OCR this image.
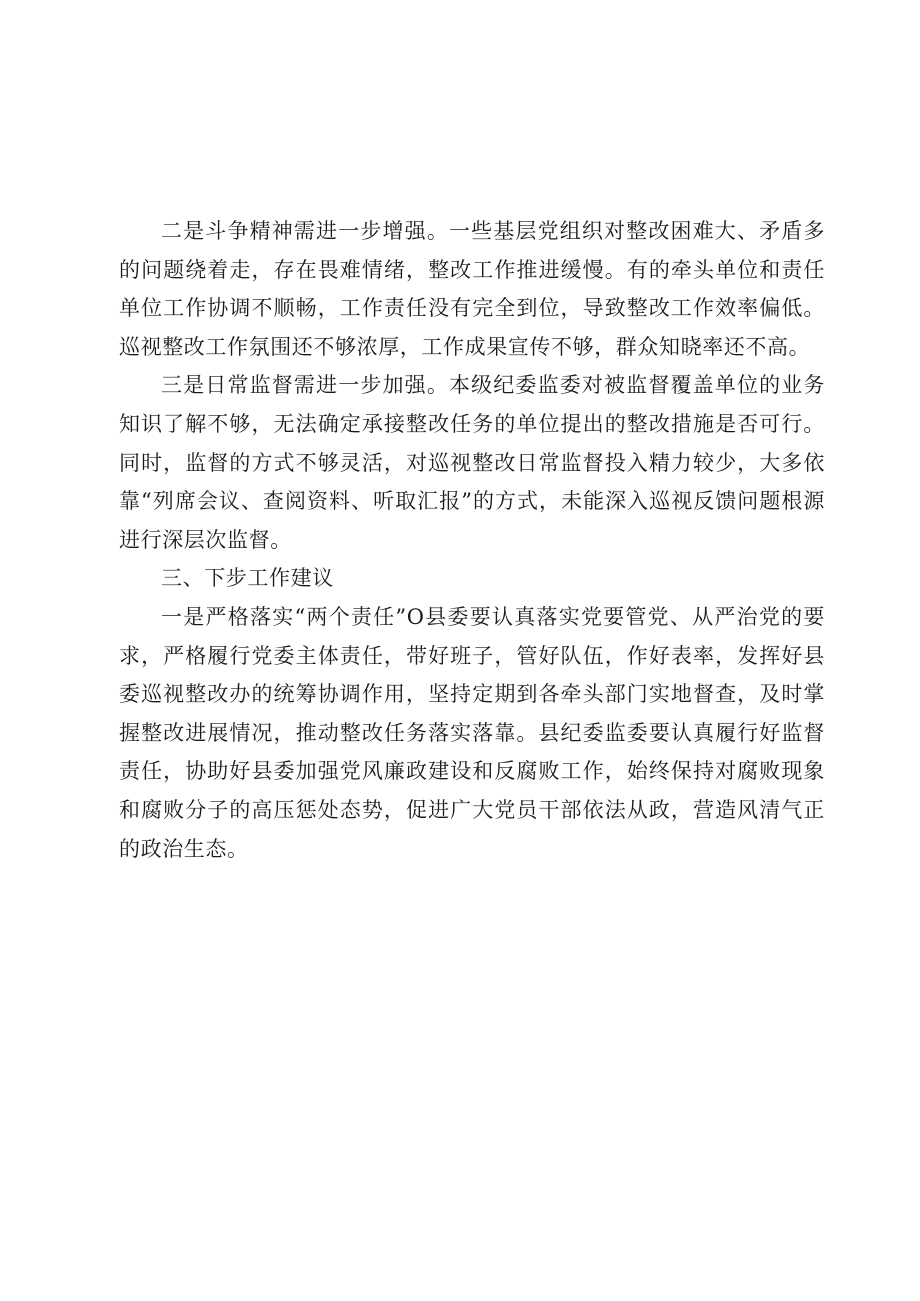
二是斗争精神需进一步增强。一些基层党组织对整改困难大、矛盾多的问题绕着走，存在畏难情绪，整改工作推进缓慢。有的牵头单位和责任单位工作协调不顺畅，工作责任没有完全到位，导致整改工作效率偏低。巡视整改工作氛围还不够浓厚，工作成果宣传不够，群众知晓率还不高。

三是日常监督需进一步加强。本级纪委监委对被监督覆盖单位的业务知识了解不够，无法确定承接整改任务的单位提出的整改措施是否可行。同时，监督的方式不够灵活，对巡视整改日常监督投入精力较少，大多依靠“列席会议、查阅资料、听取汇报”的方式，未能深入巡视反馈问题根源进行深层次监督。

三、下步工作建议

一是严格落实“两个责任”O县委要认真落实党要管党、从严治党的要求，严格履行党委主体责任，带好班子，管好队伍，作好表率，发挥好县委巡视整改办的统筹协调作用，坚持定期到各牵头部门实地督查，及时掌握整改进展情况，推动整改任务落实落靠。县纪委监委要认真履行好监督责任，协助好县委加强党风廉政建设和反腐败工作，始终保持对腐败现象和腐败分子的高压惩处态势，促进广大党员干部依法从政，营造风清气正的政治生态。
